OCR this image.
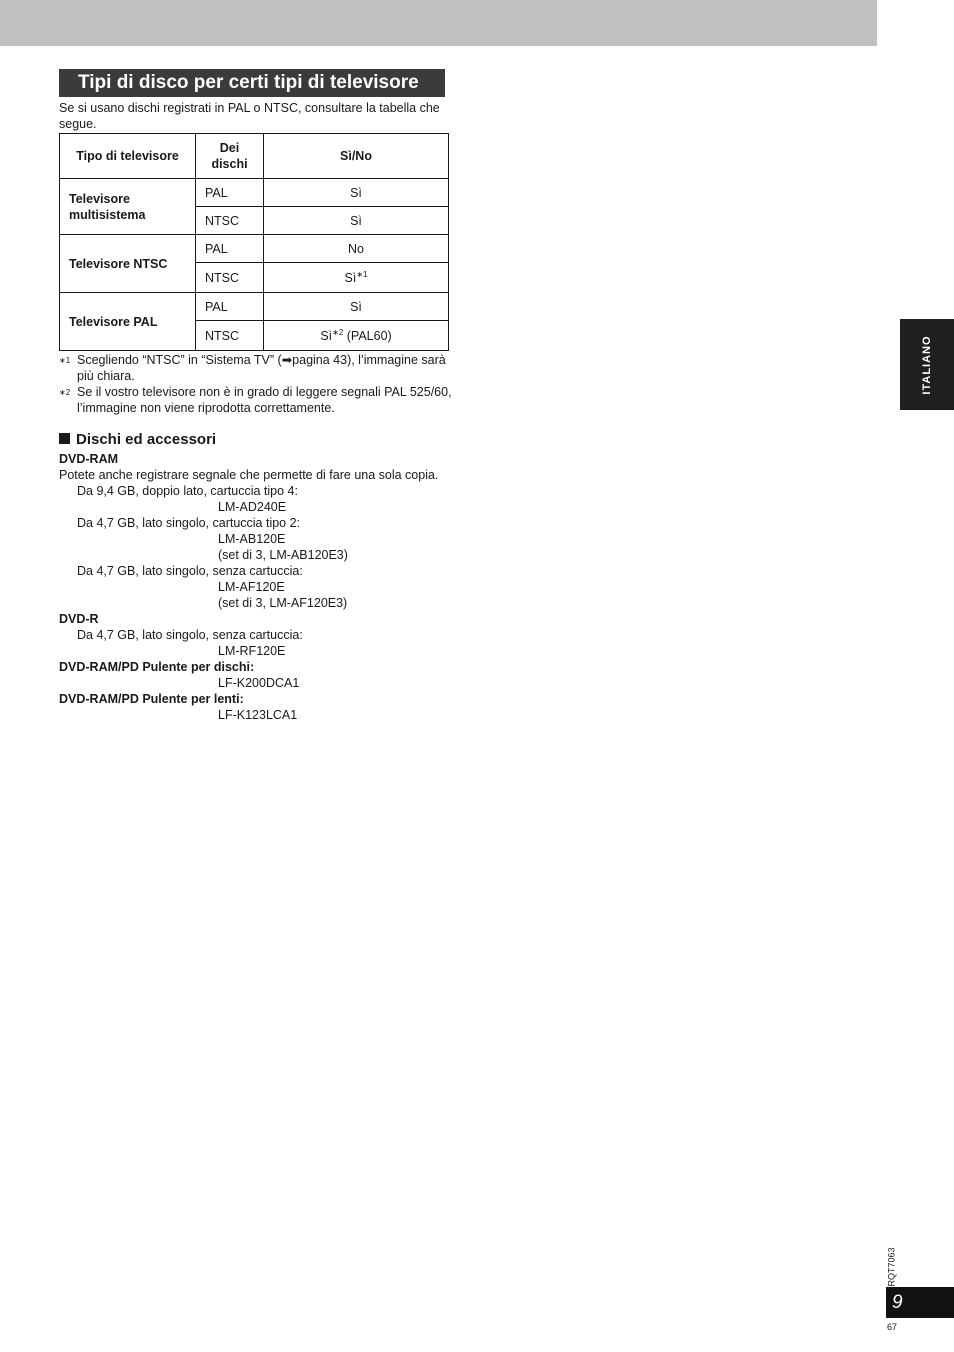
Tipi di disco per certi tipi di televisore
Se si usano dischi registrati in PAL o NTSC, consultare la tabella che segue.
Tipo di televisore	Dei dischi	Sì/No
Televisore multisistema	PAL	Sì
	NTSC	Sì
Televisore NTSC	PAL	No
	NTSC	$Sì^{∗1}$
Televisore PAL	PAL	Sì
	NTSC	$Sì^{∗2}$ (PAL60)
∗1 Scegliendo “NTSC” in “Sistema TV” (➡pagina 43), l’immagine sarà più chiara.
∗2 Se il vostro televisore non è in grado di leggere segnali PAL 525/60, l’immagine non viene riprodotta correttamente.
Dischi ed accessori
DVD-RAM
Potete anche registrare segnale che permette di fare una sola copia.
Da 9,4 GB, doppio lato, cartuccia tipo 4:
LM-AD240E
Da 4,7 GB, lato singolo, cartuccia tipo 2:
LM-AB120E
(set di 3, LM-AB120E3)
Da 4,7 GB, lato singolo, senza cartuccia:
LM-AF120E
(set di 3, LM-AF120E3)
DVD-R
Da 4,7 GB, lato singolo, senza cartuccia:
LM-RF120E
DVD-RAM/PD Pulente per dischi:
LF-K200DCA1
DVD-RAM/PD Pulente per lenti:
LF-K123LCA1
ITALIANO
RQT7063
9
67
